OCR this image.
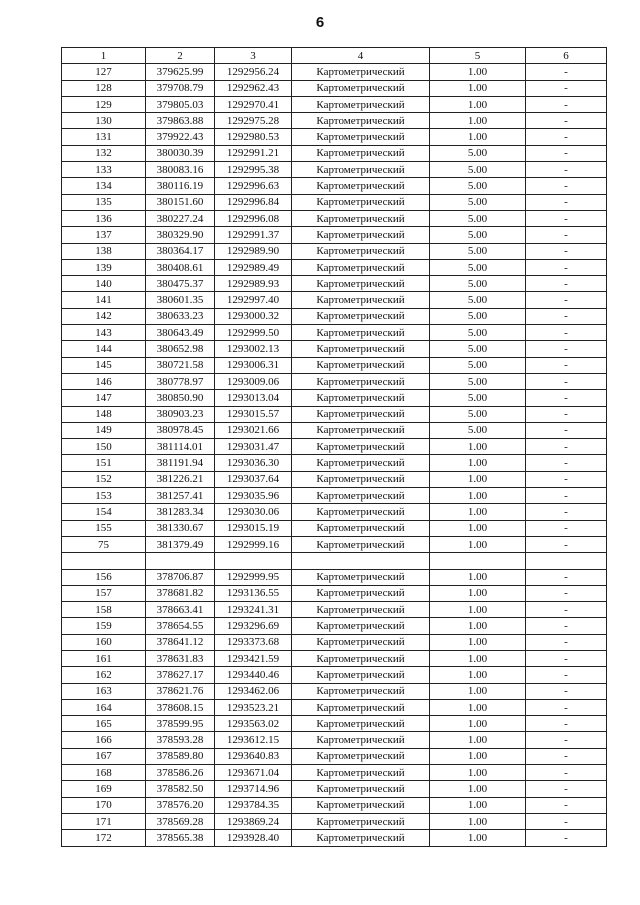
6
1	2	3	4	5	6
127	379625.99	1292956.24	Картометрический	1.00	-
128	379708.79	1292962.43	Картометрический	1.00	-
129	379805.03	1292970.41	Картометрический	1.00	-
130	379863.88	1292975.28	Картометрический	1.00	-
131	379922.43	1292980.53	Картометрический	1.00	-
132	380030.39	1292991.21	Картометрический	5.00	-
133	380083.16	1292995.38	Картометрический	5.00	-
134	380116.19	1292996.63	Картометрический	5.00	-
135	380151.60	1292996.84	Картометрический	5.00	-
136	380227.24	1292996.08	Картометрический	5.00	-
137	380329.90	1292991.37	Картометрический	5.00	-
138	380364.17	1292989.90	Картометрический	5.00	-
139	380408.61	1292989.49	Картометрический	5.00	-
140	380475.37	1292989.93	Картометрический	5.00	-
141	380601.35	1292997.40	Картометрический	5.00	-
142	380633.23	1293000.32	Картометрический	5.00	-
143	380643.49	1292999.50	Картометрический	5.00	-
144	380652.98	1293002.13	Картометрический	5.00	-
145	380721.58	1293006.31	Картометрический	5.00	-
146	380778.97	1293009.06	Картометрический	5.00	-
147	380850.90	1293013.04	Картометрический	5.00	-
148	380903.23	1293015.57	Картометрический	5.00	-
149	380978.45	1293021.66	Картометрический	5.00	-
150	381114.01	1293031.47	Картометрический	1.00	-
151	381191.94	1293036.30	Картометрический	1.00	-
152	381226.21	1293037.64	Картометрический	1.00	-
153	381257.41	1293035.96	Картометрический	1.00	-
154	381283.34	1293030.06	Картометрический	1.00	-
155	381330.67	1293015.19	Картометрический	1.00	-
75	381379.49	1292999.16	Картометрический	1.00	-

156	378706.87	1292999.95	Картометрический	1.00	-
157	378681.82	1293136.55	Картометрический	1.00	-
158	378663.41	1293241.31	Картометрический	1.00	-
159	378654.55	1293296.69	Картометрический	1.00	-
160	378641.12	1293373.68	Картометрический	1.00	-
161	378631.83	1293421.59	Картометрический	1.00	-
162	378627.17	1293440.46	Картометрический	1.00	-
163	378621.76	1293462.06	Картометрический	1.00	-
164	378608.15	1293523.21	Картометрический	1.00	-
165	378599.95	1293563.02	Картометрический	1.00	-
166	378593.28	1293612.15	Картометрический	1.00	-
167	378589.80	1293640.83	Картометрический	1.00	-
168	378586.26	1293671.04	Картометрический	1.00	-
169	378582.50	1293714.96	Картометрический	1.00	-
170	378576.20	1293784.35	Картометрический	1.00	-
171	378569.28	1293869.24	Картометрический	1.00	-
172	378565.38	1293928.40	Картометрический	1.00	-
